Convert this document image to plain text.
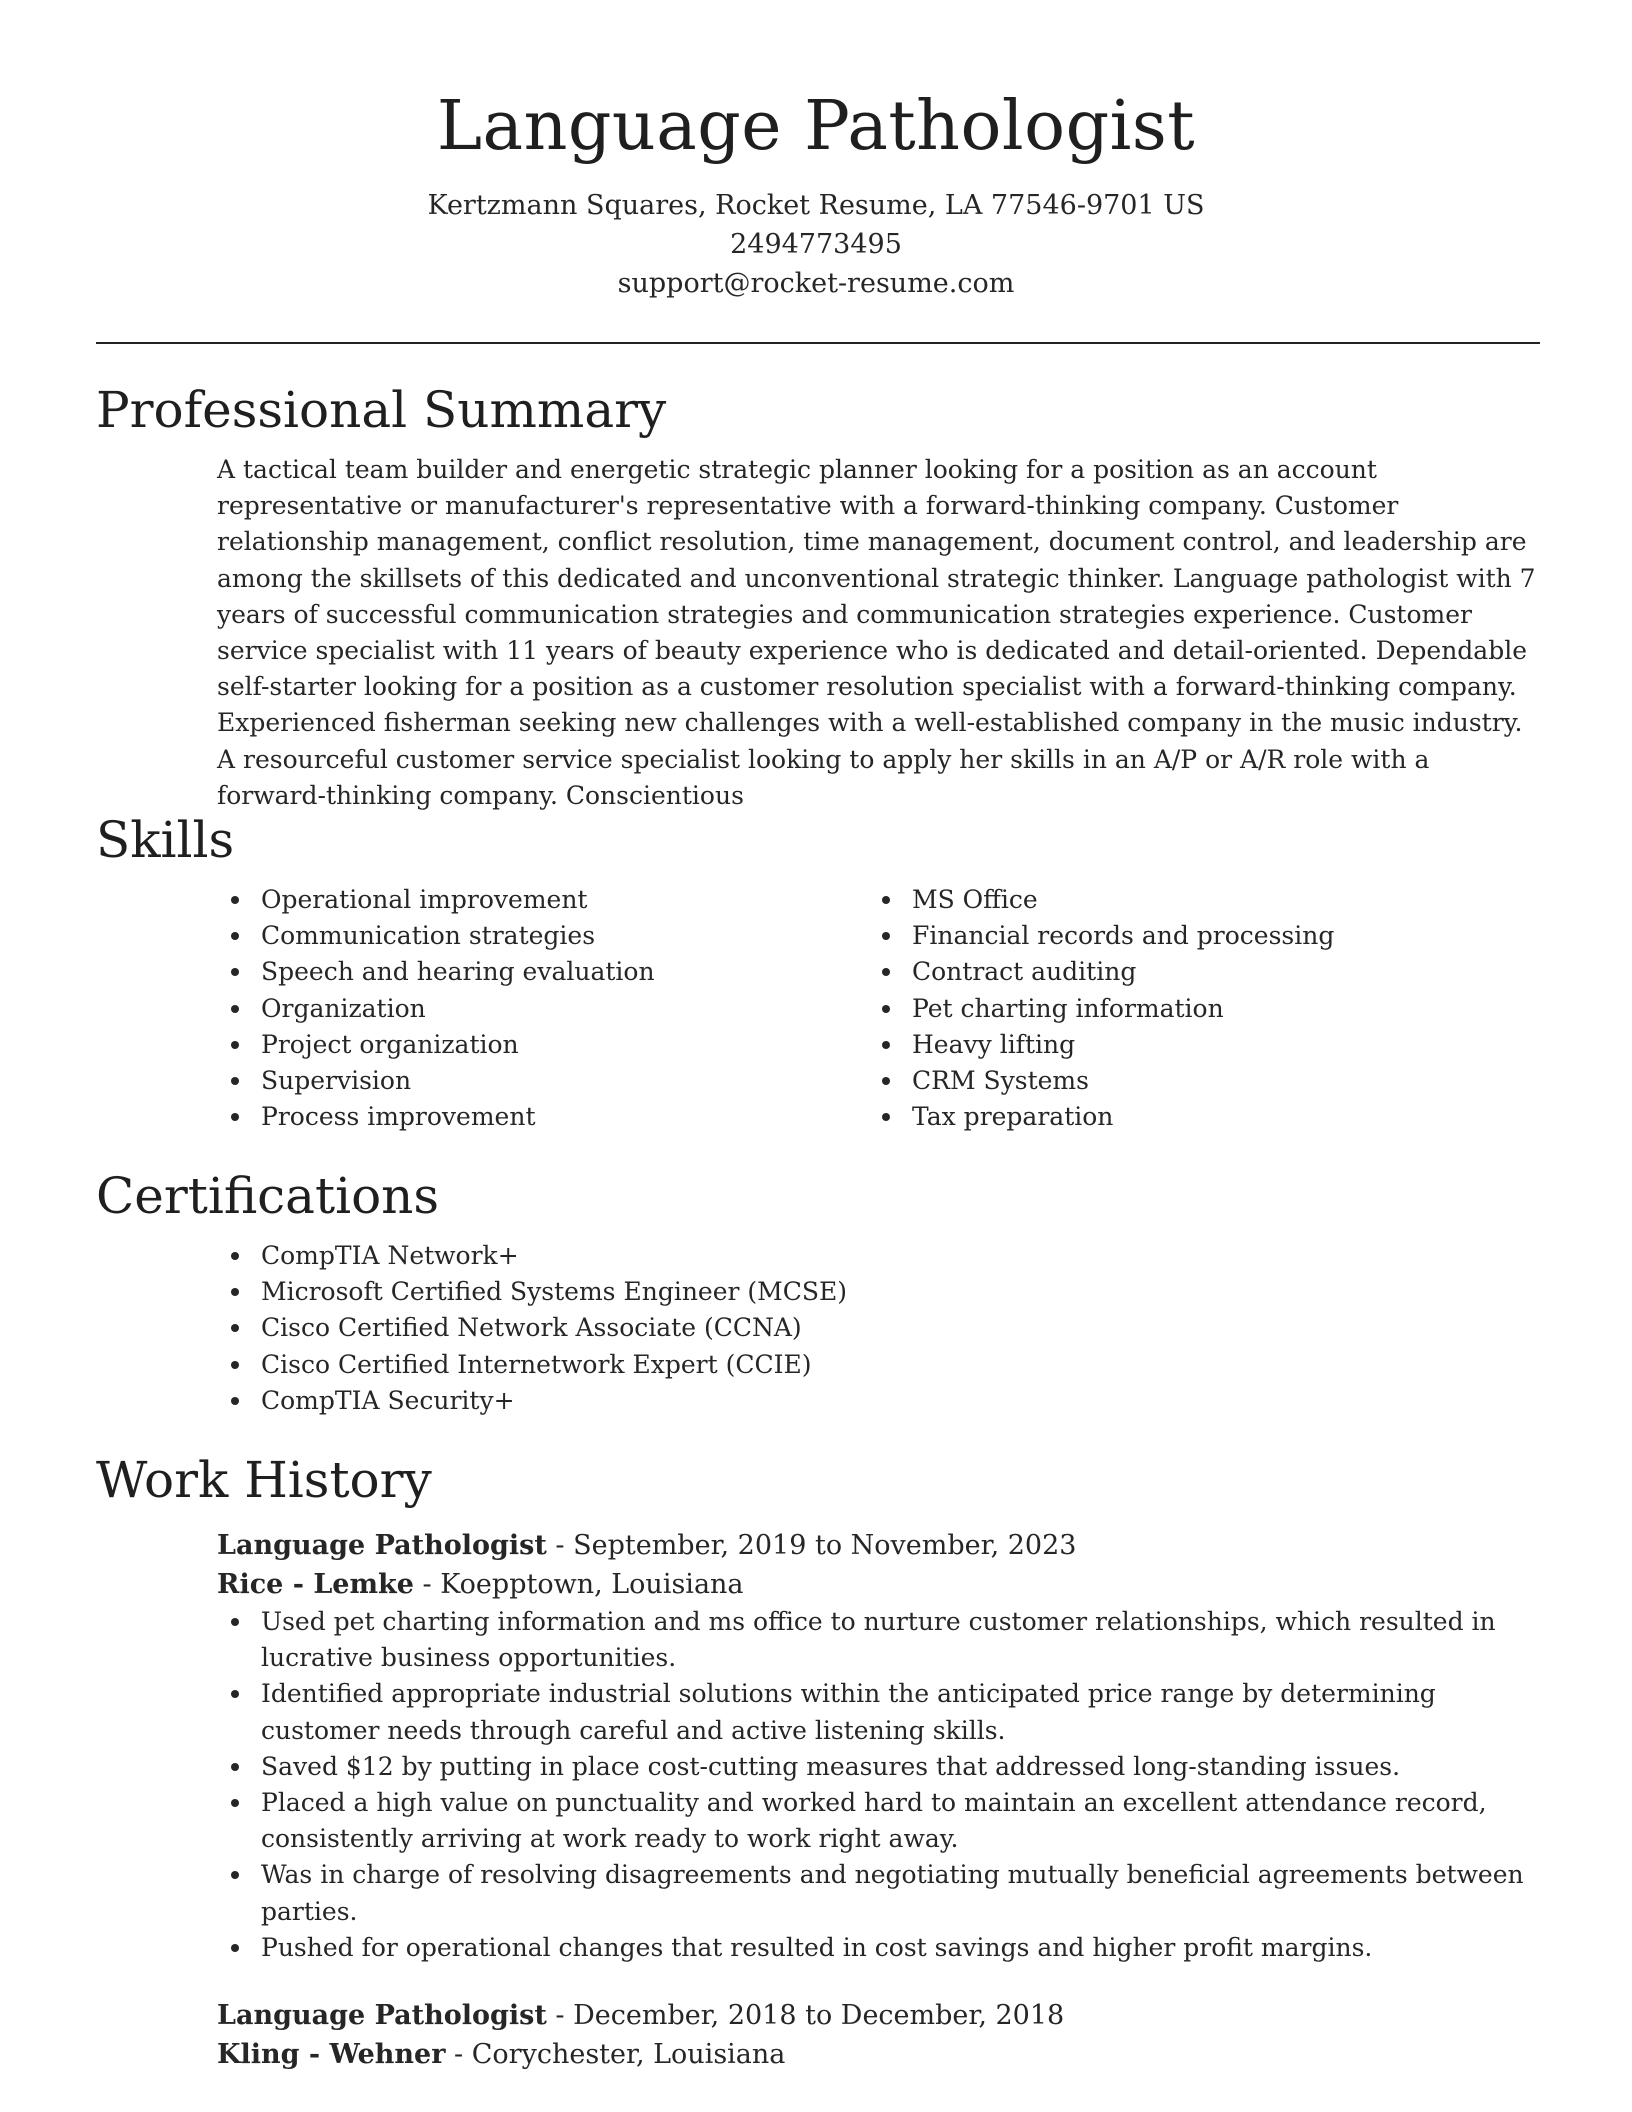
Language Pathologist
Kertzmann Squares, Rocket Resume, LA 77546-9701 US
2494773495
support@rocket-resume.com
Professional Summary
A tactical team builder and energetic strategic planner looking for a position as an account representative or manufacturer's representative with a forward-thinking company. Customer relationship management, conflict resolution, time management, document control, and leadership are among the skillsets of this dedicated and unconventional strategic thinker. Language pathologist with 7 years of successful communication strategies and communication strategies experience. Customer service specialist with 11 years of beauty experience who is dedicated and detail-oriented. Dependable self-starter looking for a position as a customer resolution specialist with a forward-thinking company. Experienced fisherman seeking new challenges with a well-established company in the music industry. A resourceful customer service specialist looking to apply her skills in an A/P or A/R role with a forward-thinking company. Conscientious
Skills
Operational improvement
Communication strategies
Speech and hearing evaluation
Organization
Project organization
Supervision
Process improvement
MS Office
Financial records and processing
Contract auditing
Pet charting information
Heavy lifting
CRM Systems
Tax preparation
Certifications
CompTIA Network+
Microsoft Certified Systems Engineer (MCSE)
Cisco Certified Network Associate (CCNA)
Cisco Certified Internetwork Expert (CCIE)
CompTIA Security+
Work History
Language Pathologist - September, 2019 to November, 2023
Rice - Lemke - Koepptown, Louisiana
Used pet charting information and ms office to nurture customer relationships, which resulted in lucrative business opportunities.
Identified appropriate industrial solutions within the anticipated price range by determining customer needs through careful and active listening skills.
Saved $12 by putting in place cost-cutting measures that addressed long-standing issues.
Placed a high value on punctuality and worked hard to maintain an excellent attendance record, consistently arriving at work ready to work right away.
Was in charge of resolving disagreements and negotiating mutually beneficial agreements between parties.
Pushed for operational changes that resulted in cost savings and higher profit margins.
Language Pathologist - December, 2018 to December, 2018
Kling - Wehner - Corychester, Louisiana
